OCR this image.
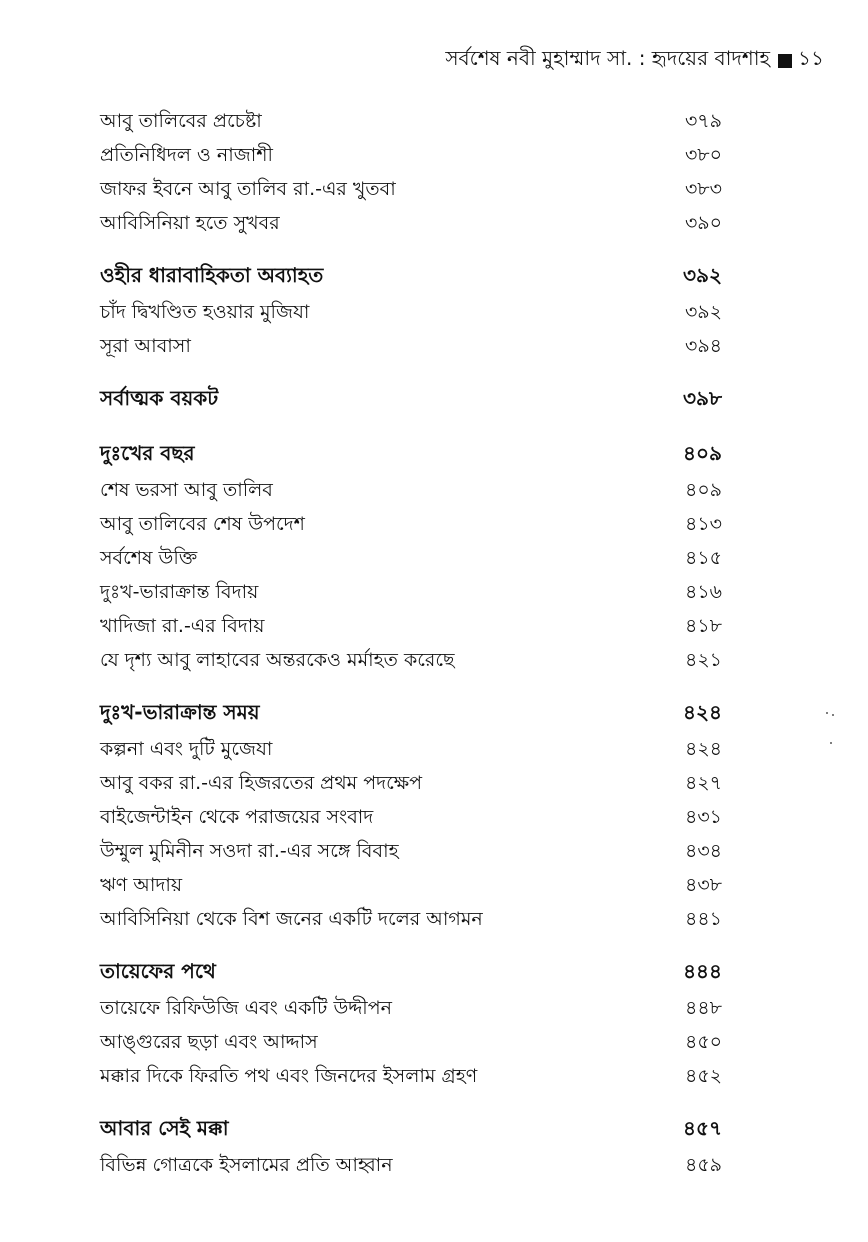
সর্বশেষ নবী মুহাম্মাদ সা. : হৃদয়ের বাদশাহ ১১
আবু তালিবের প্রচেষ্টা	৩৭৯
প্রতিনিধিদল ও নাজাশী	৩৮০
জাফর ইবনে আবু তালিব রা.-এর খুতবা	৩৮৩
আবিসিনিয়া হতে সুখবর	৩৯০
ওহীর ধারাবাহিকতা অব্যাহত	৩৯২
চাঁদ দ্বিখণ্ডিত হওয়ার মুজিযা	৩৯২
সূরা আবাসা	৩৯৪
সর্বাত্মক বয়কট	৩৯৮
দুঃখের বছর	৪০৯
শেষ ভরসা আবু তালিব	৪০৯
আবু তালিবের শেষ উপদেশ	৪১৩
সর্বশেষ উক্তি	৪১৫
দুঃখ-ভারাক্রান্ত বিদায়	৪১৬
খাদিজা রা.-এর বিদায়	৪১৮
যে দৃশ্য আবু লাহাবের অন্তরকেও মর্মাহত করেছে	৪২১
দুঃখ-ভারাক্রান্ত সময়	৪২৪
কল্পনা এবং দুটি মুজেযা	৪২৪
আবু বকর রা.-এর হিজরতের প্রথম পদক্ষেপ	৪২৭
বাইজেন্টাইন থেকে পরাজয়ের সংবাদ	৪৩১
উম্মুল মুমিনীন সওদা রা.-এর সঙ্গে বিবাহ	৪৩৪
ঋণ আদায়	৪৩৮
আবিসিনিয়া থেকে বিশ জনের একটি দলের আগমন	৪৪১
তায়েফের পথে	৪৪৪
তায়েফে রিফিউজি এবং একটি উদ্দীপন	৪৪৮
আঙ্গুরের ছড়া এবং আদ্দাস	৪৫০
মক্কার দিকে ফিরতি পথ এবং জিনদের ইসলাম গ্রহণ	৪৫২
আবার সেই মক্কা	৪৫৭
বিভিন্ন গোত্রকে ইসলামের প্রতি আহ্বান	৪৫৯
